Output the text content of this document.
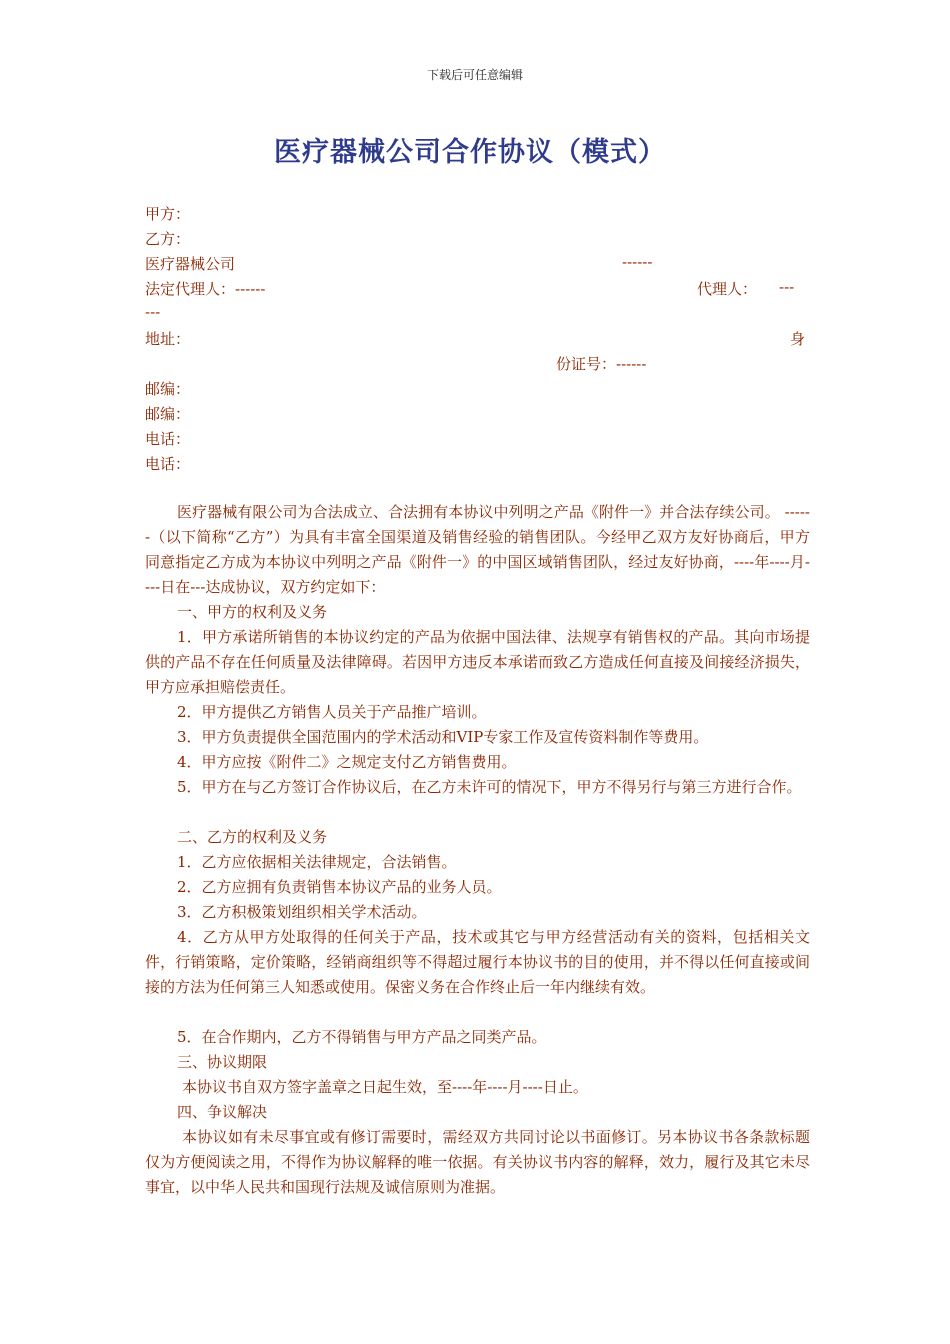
下载后可任意编辑
医疗器械公司合作协议（模式）
甲方：
乙方：
医疗器械公司	------
法定代理人：------	代理人： ---
---
地址：	身
份证号：------
邮编：
邮编：
电话：
电话：
医疗器械有限公司为合法成立、合法拥有本协议中列明之产品《附件一》并合法存续公司。 ------（以下简称“乙方”）为具有丰富全国渠道及销售经验的销售团队。今经甲乙双方友好协商后，甲方同意指定乙方成为本协议中列明之产品《附件一》的中国区域销售团队，经过友好协商，----年----月----日在---达成协议，双方约定如下：
一、甲方的权利及义务
1．甲方承诺所销售的本协议约定的产品为依据中国法律、法规享有销售权的产品。其向市场提供的产品不存在任何质量及法律障碍。若因甲方违反本承诺而致乙方造成任何直接及间接经济损失，甲方应承担赔偿责任。
2．甲方提供乙方销售人员关于产品推广培训。
3．甲方负责提供全国范围内的学术活动和VIP专家工作及宣传资料制作等费用。
4．甲方应按《附件二》之规定支付乙方销售费用。
5．甲方在与乙方签订合作协议后，在乙方未许可的情况下，甲方不得另行与第三方进行合作。
二、乙方的权利及义务
1．乙方应依据相关法律规定，合法销售。
2．乙方应拥有负责销售本协议产品的业务人员。
3．乙方积极策划组织相关学术活动。
4．乙方从甲方处取得的任何关于产品，技术或其它与甲方经营活动有关的资料，包括相关文件，行销策略，定价策略，经销商组织等不得超过履行本协议书的目的使用，并不得以任何直接或间接的方法为任何第三人知悉或使用。保密义务在合作终止后一年内继续有效。
5．在合作期内，乙方不得销售与甲方产品之同类产品。
三、协议期限
本协议书自双方签字盖章之日起生效，至----年----月----日止。
四、争议解决
本协议如有未尽事宜或有修订需要时，需经双方共同讨论以书面修订。另本协议书各条款标题仅为方便阅读之用，不得作为协议解释的唯一依据。有关协议书内容的解释，效力，履行及其它未尽事宜，以中华人民共和国现行法规及诚信原则为准据。
